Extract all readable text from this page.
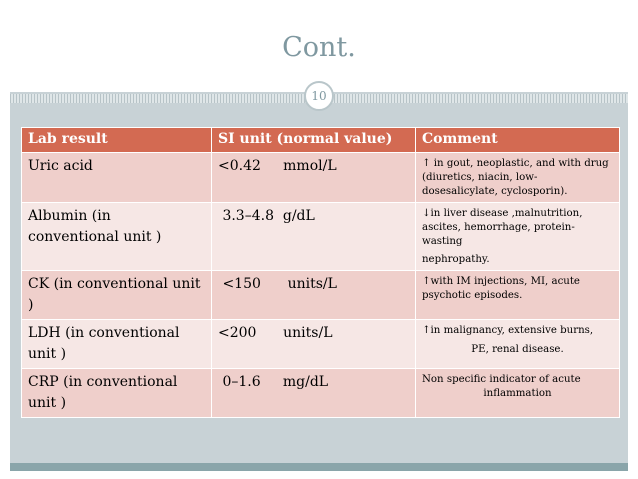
Cont.
10
Lab result	SI unit (normal value)	Comment
Uric acid	<0.42     mmol/L	↑ in gout, neoplastic, and with drug
(diuretics, niacin, low-
dosesalicylate, cyclosporin).

Albumin (in conventional unit )	3.3–4.8  g/dL	↓in liver disease ,malnutrition,
ascites, hemorrhage, protein-wasting
nephropathy.

CK (in conventional unit )	<150      units/L	↑with IM injections, MI, acute
psychotic episodes.

LDH (in conventional unit )	<200      units/L	↑in malignancy, extensive burns,
PE, renal disease.

CRP (in conventional unit )	0–1.6     mg/dL	Non specific indicator of acute
inflammation
